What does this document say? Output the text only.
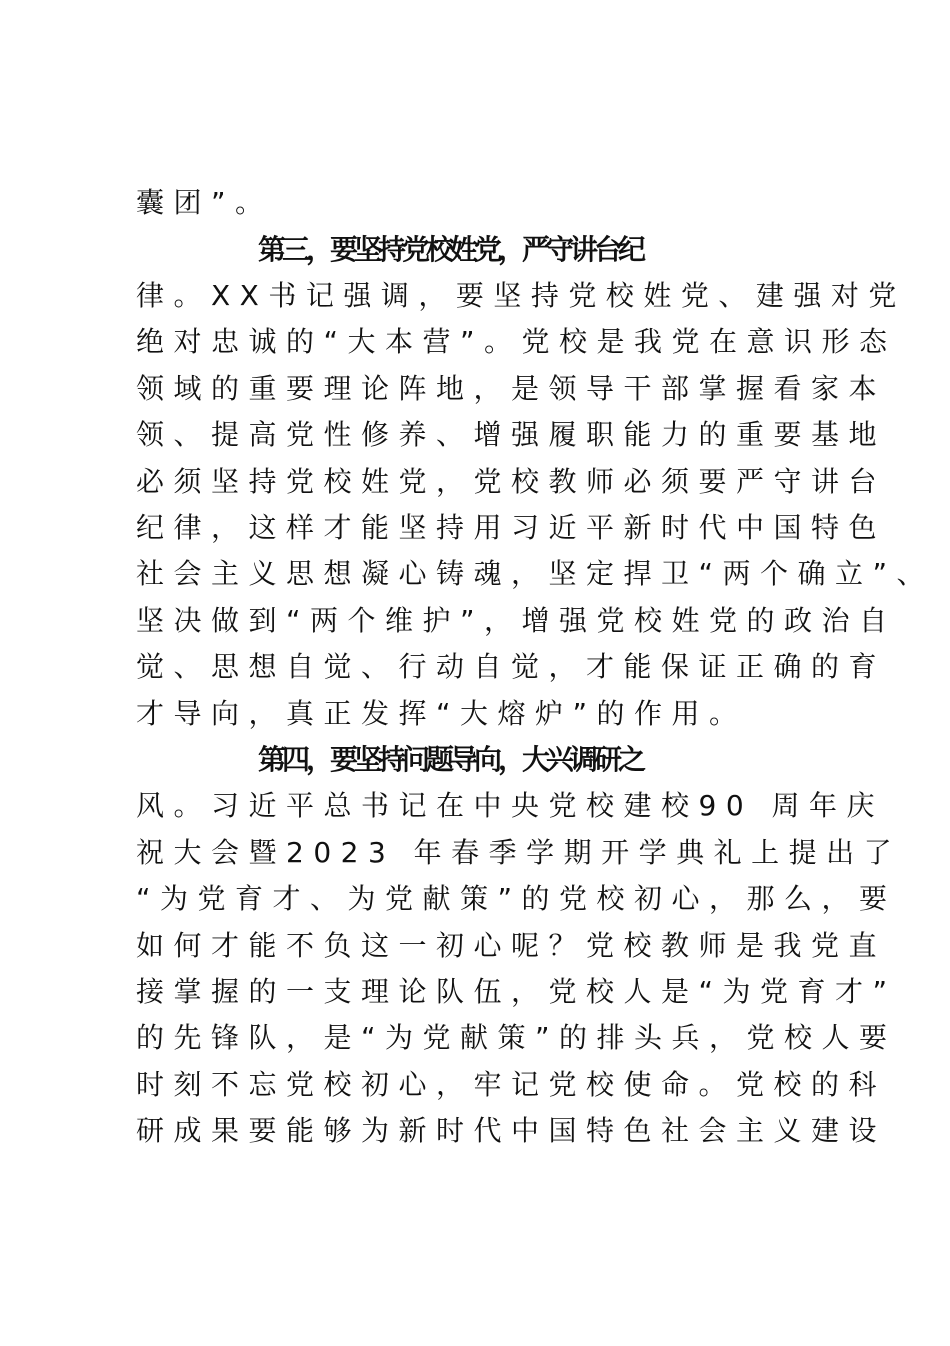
囊团”。
第三，要坚持党校姓党，严守讲台纪
律。XX书记强调，要坚持党校姓党、建强对党
绝对忠诚的“大本营”。党校是我党在意识形态
领域的重要理论阵地，是领导干部掌握看家本
领、提高党性修养、增强履职能力的重要基地
必须坚持党校姓党，党校教师必须要严守讲台
纪律，这样才能坚持用习近平新时代中国特色
社会主义思想凝心铸魂，坚定捍卫“两个确立”、
坚决做到“两个维护”，增强党校姓党的政治自
觉、思想自觉、行动自觉，才能保证正确的育
才导向，真正发挥“大熔炉”的作用。
第四，要坚持问题导向，大兴调研之
风。习近平总书记在中央党校建校90 周年庆
祝大会暨2023 年春季学期开学典礼上提出了
“为党育才、为党献策”的党校初心，那么，要
如何才能不负这一初心呢？党校教师是我党直
接掌握的一支理论队伍，党校人是“为党育才”
的先锋队，是“为党献策”的排头兵，党校人要
时刻不忘党校初心，牢记党校使命。党校的科
研成果要能够为新时代中国特色社会主义建设
